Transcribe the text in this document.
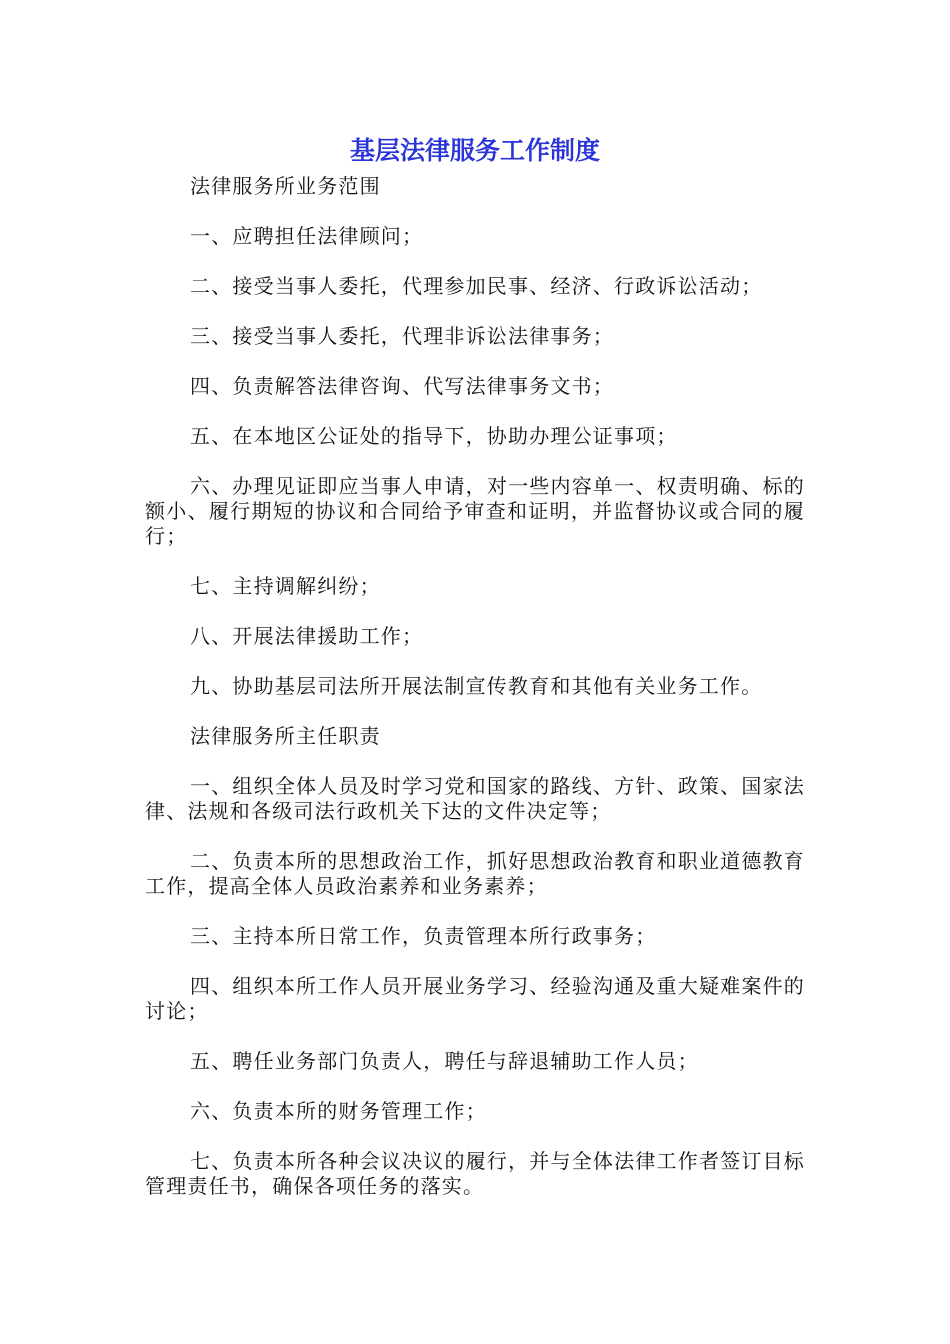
基层法律服务工作制度

法律服务所业务范围

一、应聘担任法律顾问；

二、接受当事人委托，代理参加民事、经济、行政诉讼活动；

三、接受当事人委托，代理非诉讼法律事务；

四、负责解答法律咨询、代写法律事务文书；

五、在本地区公证处的指导下，协助办理公证事项；

六、办理见证即应当事人申请，对一些内容单一、权责明确、标的额小、履行期短的协议和合同给予审查和证明，并监督协议或合同的履行；

七、主持调解纠纷；

八、开展法律援助工作；

九、协助基层司法所开展法制宣传教育和其他有关业务工作。

法律服务所主任职责

一、组织全体人员及时学习党和国家的路线、方针、政策、国家法律、法规和各级司法行政机关下达的文件决定等；

二、负责本所的思想政治工作，抓好思想政治教育和职业道德教育工作，提高全体人员政治素养和业务素养；

三、主持本所日常工作，负责管理本所行政事务；

四、组织本所工作人员开展业务学习、经验沟通及重大疑难案件的讨论；

五、聘任业务部门负责人，聘任与辞退辅助工作人员；

六、负责本所的财务管理工作；

七、负责本所各种会议决议的履行，并与全体法律工作者签订目标管理责任书，确保各项任务的落实。
